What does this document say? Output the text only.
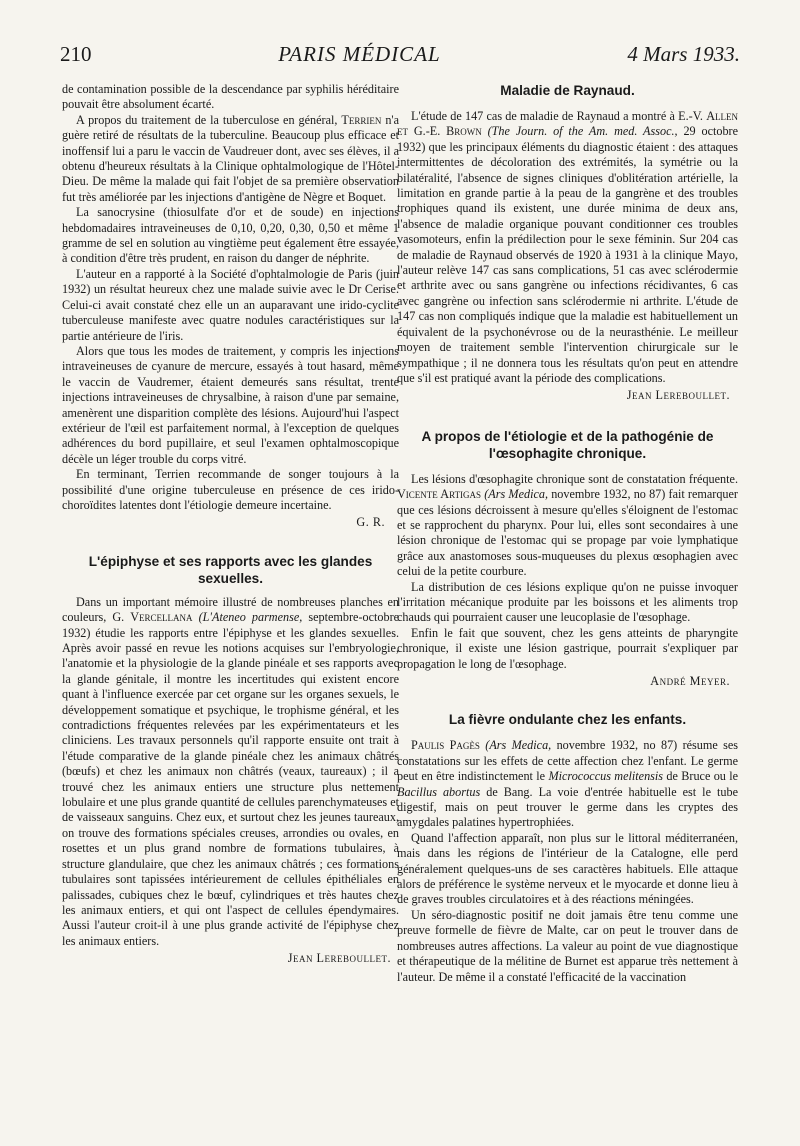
210	PARIS MÉDICAL	4 Mars 1933.

de contamination possible de la descendance par syphilis héréditaire pouvait être absolument écarté.

A propos du traitement de la tuberculose en général, Terrien n'a guère retiré de résultats de la tuberculine. Beaucoup plus efficace et inoffensif lui a paru le vaccin de Vaudreuer dont, avec ses élèves, il a obtenu d'heureux résultats à la Clinique ophtalmologique de l'Hôtel-Dieu. De même la malade qui fait l'objet de sa première observation fut très améliorée par les injections d'antigène de Nègre et Boquet.

La sanocrysine (thiosulfate d'or et de soude) en injections hebdomadaires intraveineuses de 0,10, 0,20, 0,30, 0,50 et même 1 gramme de sel en solution au vingtième peut également être essayée, à condition d'être très prudent, en raison du danger de néphrite.

L'auteur en a rapporté à la Société d'ophtalmologie de Paris (juin 1932) un résultat heureux chez une malade suivie avec le Dr Cerise. Celui-ci avait constaté chez elle un an auparavant une irido-cyclite tuberculeuse manifeste avec quatre nodules caractéristiques sur la partie antérieure de l'iris.

Alors que tous les modes de traitement, y compris les injections intraveineuses de cyanure de mercure, essayés à tout hasard, même le vaccin de Vaudremer, étaient demeurés sans résultat, trente injections intraveineuses de chrysalbine, à raison d'une par semaine, amenèrent une disparition complète des lésions. Aujourd'hui l'aspect extérieur de l'œil est parfaitement normal, à l'exception de quelques adhérences du bord pupillaire, et seul l'examen ophtalmoscopique décèle un léger trouble du corps vitré.

En terminant, Terrien recommande de songer toujours à la possibilité d'une origine tuberculeuse en présence de ces irido-choroïdites latentes dont l'étiologie demeure incertaine.

G. R.
L'épiphyse et ses rapports avec les glandes sexuelles.

Dans un important mémoire illustré de nombreuses planches en couleurs, G. Vercellana (L'Ateneo parmense, septembre-octobre 1932) étudie les rapports entre l'épiphyse et les glandes sexuelles. Après avoir passé en revue les notions acquises sur l'embryologie, l'anatomie et la physiologie de la glande pinéale et ses rapports avec la glande génitale, il montre les incertitudes qui existent encore quant à l'influence exercée par cet organe sur les organes sexuels, le développement somatique et psychique, le trophisme général, et les contradictions fréquentes relevées par les expérimentateurs et les cliniciens. Les travaux personnels qu'il rapporte ensuite ont trait à l'étude comparative de la glande pinéale chez les animaux châtrés (bœufs) et chez les animaux non châtrés (veaux, taureaux) ; il a trouvé chez les animaux entiers une structure plus nettement lobulaire et une plus grande quantité de cellules parenchymateuses et de vaisseaux sanguins. Chez eux, et surtout chez les jeunes taureaux, on trouve des formations spéciales creuses, arrondies ou ovales, en rosettes et un plus grand nombre de formations tubulaires, à structure glandulaire, que chez les animaux châtrés ; ces formations tubulaires sont tapissées intérieurement de cellules épithéliales en palissades, cubiques chez le bœuf, cylindriques et très hautes chez les animaux entiers, et qui ont l'aspect de cellules épendymaires. Aussi l'auteur croit-il à une plus grande activité de l'épiphyse chez les animaux entiers.

Jean Lereboullet.
Maladie de Raynaud.

L'étude de 147 cas de maladie de Raynaud a montré à E.-V. Allen et G.-E. Brown (The Journ. of the Am. med. Assoc., 29 octobre 1932) que les principaux éléments du diagnostic étaient : des attaques intermittentes de décoloration des extrémités, la symétrie ou la bilatéralité, l'absence de signes cliniques d'oblitération artérielle, la limitation en grande partie à la peau de la gangrène et des troubles trophiques quand ils existent, une durée minima de deux ans, l'absence de maladie organique pouvant conditionner ces troubles vasomoteurs, enfin la prédilection pour le sexe féminin. Sur 204 cas de maladie de Raynaud observés de 1920 à 1931 à la clinique Mayo, l'auteur relève 147 cas sans complications, 51 cas avec sclérodermie et arthrite avec ou sans gangrène ou infections récidivantes, 6 cas avec gangrène ou infection sans sclérodermie ni arthrite. L'étude de 147 cas non compliqués indique que la maladie est habituellement un équivalent de la psychonévrose ou de la neurasthénie. Le meilleur moyen de traitement semble l'intervention chirurgicale sur le sympathique ; il ne donnera tous les résultats qu'on peut en attendre que s'il est pratiqué avant la période des complications.

Jean Lereboullet.
A propos de l'étiologie et de la pathogénie de l'œsophagite chronique.

Les lésions d'œsophagite chronique sont de constatation fréquente. Vicente Artigas (Ars Medica, novembre 1932, no 87) fait remarquer que ces lésions décroissent à mesure qu'elles s'éloignent de l'estomac et se rapprochent du pharynx. Pour lui, elles sont secondaires à une lésion chronique de l'estomac qui se propage par voie lymphatique grâce aux anastomoses sous-muqueuses du plexus œsophagien avec celui de la petite courbure.

La distribution de ces lésions explique qu'on ne puisse invoquer l'irritation mécanique produite par les boissons et les aliments trop chauds qui pourraient causer une leucoplasie de l'œsophage.

Enfin le fait que souvent, chez les gens atteints de pharyngite chronique, il existe une lésion gastrique, pourrait s'expliquer par propagation le long de l'œsophage.

André Meyer.
La fièvre ondulante chez les enfants.

Paulis Pagès (Ars Medica, novembre 1932, no 87) résume ses constatations sur les effets de cette affection chez l'enfant. Le germe peut en être indistinctement le Micrococcus melitensis de Bruce ou le Bacillus abortus de Bang. La voie d'entrée habituelle est le tube digestif, mais on peut trouver le germe dans les cryptes des amygdales palatines hypertrophiées.

Quand l'affection apparaît, non plus sur le littoral méditerranéen, mais dans les régions de l'intérieur de la Catalogne, elle perd généralement quelques-uns de ses caractères habituels. Elle attaque alors de préférence le système nerveux et le myocarde et donne lieu à de graves troubles circulatoires et à des réactions méningées.

Un séro-diagnostic positif ne doit jamais être tenu comme une preuve formelle de fièvre de Malte, car on peut le trouver dans de nombreuses autres affections. La valeur au point de vue diagnostique et thérapeutique de la mélitine de Burnet est apparue très nettement à l'auteur. De même il a constaté l'efficacité de la vaccination
